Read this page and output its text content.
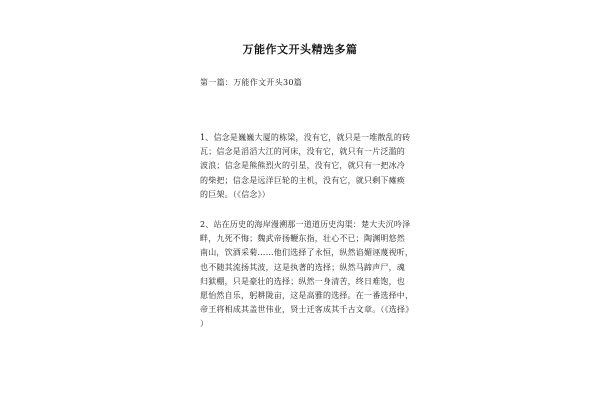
万能作文开头精选多篇
第一篇：万能作文开头30篇
1、信念是巍巍大厦的栋梁，没有它，就只是一堆散乱的砖
瓦；信念是滔滔大江的河床，没有它，就只有一片泛滥的
波浪；信念是熊熊烈火的引星，没有它，就只有一把冰冷
的柴把；信念是远洋巨轮的主机，没有它，就只剩下瘫痪
的巨架。（《信念》）
2、站在历史的海岸漫溯那一道道历史沟渠：楚大夫沉吟泽
畔，九死不悔；魏武帝扬鞭东指，壮心不已；陶渊明悠然
南山，饮酒采菊……他们选择了永恒，纵然谄媚诬蔑视听，
也不随其流扬其波，这是执著的选择；纵然马蹄声尸，魂
归狱棚，只是豪壮的选择；纵然一身清苦，终日难饱，也
愿怡然自乐，躬耕陇亩，这是高雅的选择。在一番选择中，
帝王将相成其盖世伟业，贤士迁客成其千古文章。（《选择》
）
